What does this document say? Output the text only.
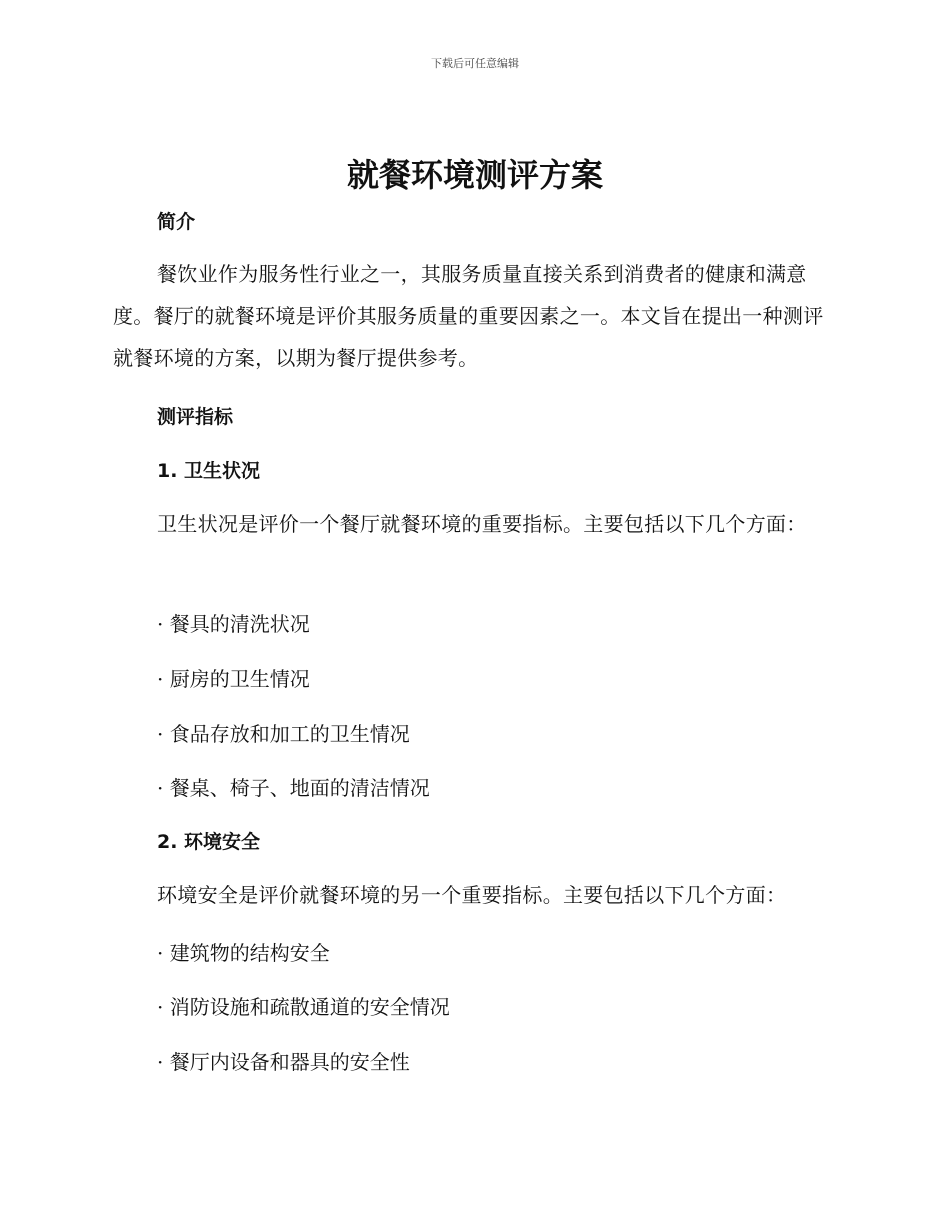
下载后可任意编辑
就餐环境测评方案
简介

餐饮业作为服务性行业之一，其服务质量直接关系到消费者的健康和满意度。餐厅的就餐环境是评价其服务质量的重要因素之一。本文旨在提出一种测评就餐环境的方案，以期为餐厅提供参考。

测评指标
1. 卫生状况

卫生状况是评价一个餐厅就餐环境的重要指标。主要包括以下几个方面：

· 餐具的清洗状况

· 厨房的卫生情况

· 食品存放和加工的卫生情况

· 餐桌、椅子、地面的清洁情况

2. 环境安全

环境安全是评价就餐环境的另一个重要指标。主要包括以下几个方面：

· 建筑物的结构安全

· 消防设施和疏散通道的安全情况

· 餐厅内设备和器具的安全性
